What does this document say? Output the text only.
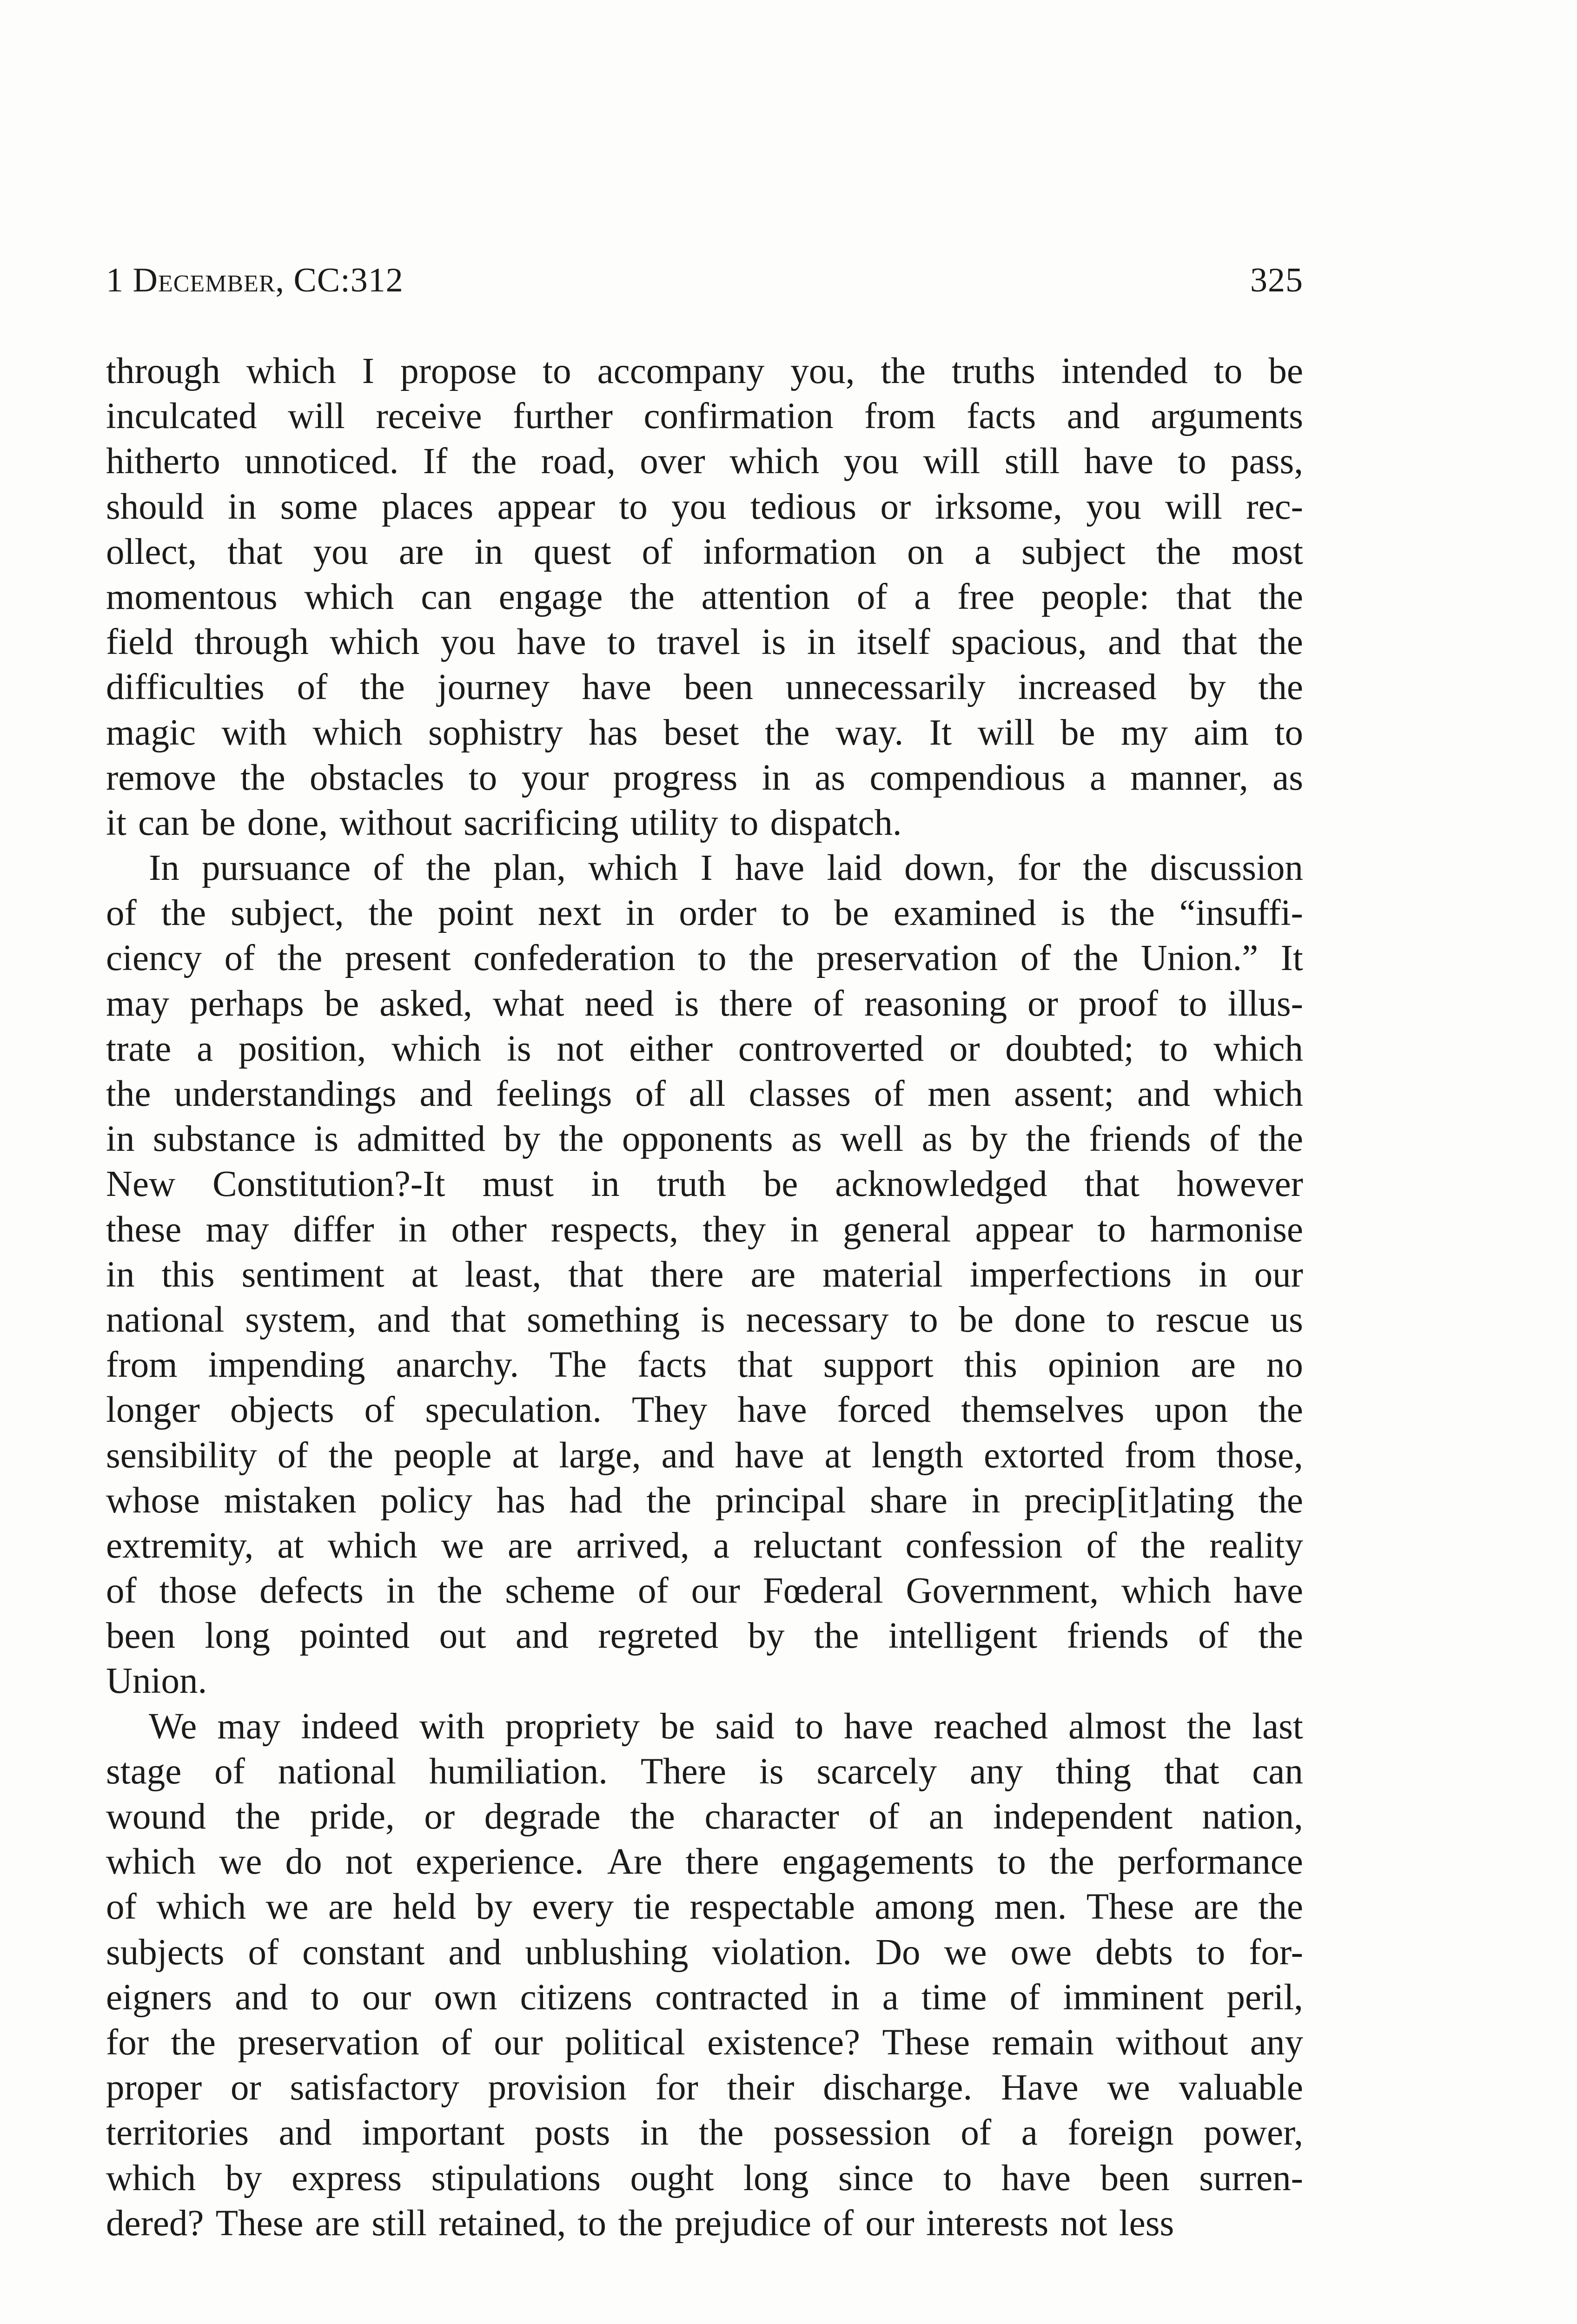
1 December, CC:312	325
through which I propose to accompany you, the truths intended to be
inculcated will receive further confirmation from facts and arguments
hitherto unnoticed. If the road, over which you will still have to pass,
should in some places appear to you tedious or irksome, you will rec-
ollect, that you are in quest of information on a subject the most
momentous which can engage the attention of a free people: that the
field through which you have to travel is in itself spacious, and that the
difficulties of the journey have been unnecessarily increased by the
magic with which sophistry has beset the way. It will be my aim to
remove the obstacles to your progress in as compendious a manner, as
it can be done, without sacrificing utility to dispatch.
In pursuance of the plan, which I have laid down, for the discussion
of the subject, the point next in order to be examined is the “insuffi-
ciency of the present confederation to the preservation of the Union.” It
may perhaps be asked, what need is there of reasoning or proof to illus-
trate a position, which is not either controverted or doubted; to which
the understandings and feelings of all classes of men assent; and which
in substance is admitted by the opponents as well as by the friends of the
New Constitution?-It must in truth be acknowledged that however
these may differ in other respects, they in general appear to harmonise
in this sentiment at least, that there are material imperfections in our
national system, and that something is necessary to be done to rescue us
from impending anarchy. The facts that support this opinion are no
longer objects of speculation. They have forced themselves upon the
sensibility of the people at large, and have at length extorted from those,
whose mistaken policy has had the principal share in precip[it]ating the
extremity, at which we are arrived, a reluctant confession of the reality
of those defects in the scheme of our Fœderal Government, which have
been long pointed out and regreted by the intelligent friends of the
Union.
We may indeed with propriety be said to have reached almost the last
stage of national humiliation. There is scarcely any thing that can
wound the pride, or degrade the character of an independent nation,
which we do not experience. Are there engagements to the performance
of which we are held by every tie respectable among men. These are the
subjects of constant and unblushing violation. Do we owe debts to for-
eigners and to our own citizens contracted in a time of imminent peril,
for the preservation of our political existence? These remain without any
proper or satisfactory provision for their discharge. Have we valuable
territories and important posts in the possession of a foreign power,
which by express stipulations ought long since to have been surren-
dered? These are still retained, to the prejudice of our interests not less
